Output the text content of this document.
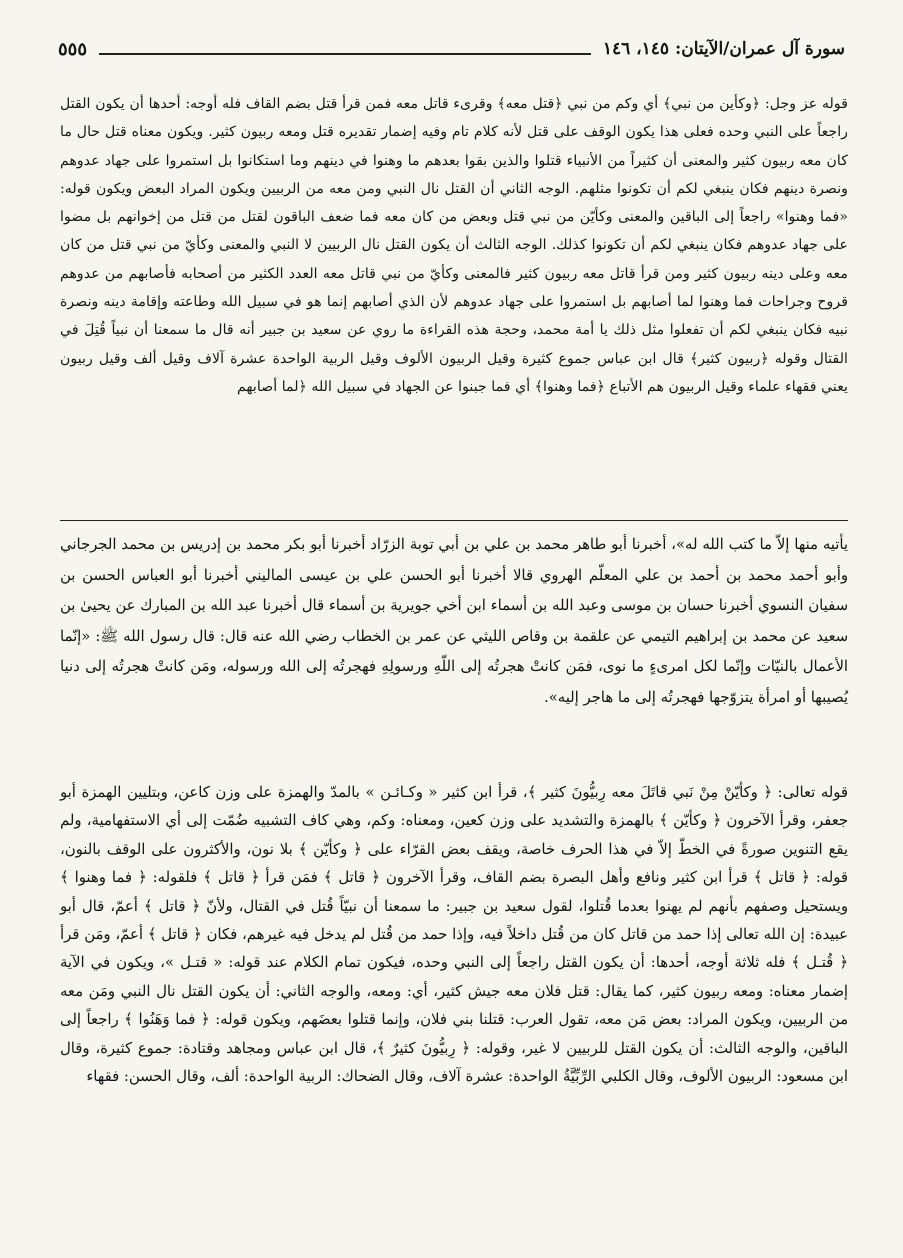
سورة آل عمران/الآيتان: ١٤٥، ١٤٦
٥٥٥

قوله عز وجل: ﴿وكأين من نبي﴾ أي وكم من نبي ﴿قتل معه﴾ وقرىء قاتل معه فمن قرأ قتل بضم القاف فله أوجه: أحدها أن يكون القتل راجعاً على النبي وحده فعلى هذا يكون الوقف على قتل لأنه كلام تام وفيه إضمار تقديره قتل ومعه ربيون كثير. ويكون معناه قتل حال ما كان معه ربيون كثير والمعنى أن كثيراً من الأنبياء قتلوا والذين بقوا بعدهم ما وهنوا في دينهم وما استكانوا بل استمروا على جهاد عدوهم ونصرة دينهم فكان ينبغي لكم أن تكونوا مثلهم. الوجه الثاني أن القتل نال النبي ومن معه من الربيين ويكون المراد البعض ويكون قوله: «فما وهنوا» راجعاً إلى الباقين والمعنى وكأيّن من نبي قتل وبعض من كان معه فما ضعف الباقون لقتل من قتل من إخوانهم بل مضوا على جهاد عدوهم فكان ينبغي لكم أن تكونوا كذلك. الوجه الثالث أن يكون القتل نال الربيين لا النبي والمعنى وكأيّ من نبي قتل من كان معه وعلى دينه ربيون كثير ومن قرأ قاتل معه ربيون كثير فالمعنى وكأيّ من نبي قاتل معه العدد الكثير من أصحابه فأصابهم من عدوهم قروح وجراحات فما وهنوا لما أصابهم بل استمروا على جهاد عدوهم لأن الذي أصابهم إنما هو في سبيل الله وطاعته وإقامة دينه ونصرة نبيه فكان ينبغي لكم أن تفعلوا مثل ذلك يا أمة محمد، وحجة هذه القراءة ما روي عن سعيد بن جبير أنه قال ما سمعنا أن نبياً قُتِلَ في القتال وقوله ﴿ربيون كثير﴾ قال ابن عباس جموع كثيرة وقيل الربيون الألوف وقيل الربية الواحدة عشرة آلاف وقيل ألف وقيل ربيون يعني فقهاء علماء وقيل الربيون هم الأتباع ﴿فما وهنوا﴾ أي فما جبنوا عن الجهاد في سبيل الله ﴿لما أصابهم

يأتيه منها إلاّ ما كتب الله له»، أخبرنا أبو طاهر محمد بن علي بن أبي توبة الزرّاد أخبرنا أبو بكر محمد بن إدريس بن محمد الجرجاني وأبو أحمد محمد بن أحمد بن علي المعلّم الهروي قالا أخبرنا أبو الحسن علي بن عيسى الماليني أخبرنا أبو العباس الحسن بن سفيان النسوي أخبرنا حسان بن موسى وعبد الله بن أسماء ابن أخي جويرية بن أسماء قال أخبرنا عبد الله بن المبارك عن يحيىٰ بن سعيد عن محمد بن إبراهيم التيمي عن علقمة بن وقاص الليثي عن عمر بن الخطاب رضي الله عنه قال: قال رسول الله ﷺ: «إنّما الأعمال بالنيّات وإنّما لكل امرىءٍ ما نوى، فمَن كانتْ هجرتُه إلى اللّهِ ورسولِهِ فهجرتُه إلى الله ورسوله، ومَن كانتْ هجرتُه إلى دنيا يُصيبها أو امرأة يتزوّجها فهجرتُه إلى ما هاجر إليه».

قوله تعالى: ﴿ وكأيّنْ مِنْ نَبي قاتَلَ معه رِبيُّونَ كثير ﴾، قرأ ابن كثير « وكـائـن » بالمدّ والهمزة على وزن كاعن، وبتليين الهمزة أبو جعفر، وقرأ الآخرون ﴿ وكأيّن ﴾ بالهمزة والتشديد على وزن كعين، ومعناه: وكم، وهي كاف التشبيه ضُمّت إلى أي الاستفهامية، ولم يقع التنوين صورةً في الخطّ إلاّ في هذا الحرف خاصة، ويقف بعض القرّاء على ﴿ وكأيّن ﴾ بلا نون، والأكثرون على الوقف بالنون، قوله: ﴿ قاتل ﴾ قرأ ابن كثير ونافع وأهل البصرة بضم القاف، وقرأ الآخرون ﴿ قاتل ﴾ فمَن قرأ ﴿ قاتل ﴾ فلقوله: ﴿ فما وهنوا ﴾ ويستحيل وصفهم بأنهم لم يهنوا بعدما قُتلوا، لقول سعيد بن جبير: ما سمعنا أن نبيّاً قُتل في القتال، ولأنّ ﴿ قاتل ﴾ أعمّ، قال أبو عبيدة: إن الله تعالى إذا حمد من قاتل كان من قُتل داخلاً فيه، وإذا حمد من قُتل لم يدخل فيه غيرهم، فكان ﴿ قاتل ﴾ أعمّ، ومَن قرأ ﴿ قُتـل ﴾ فله ثلاثة أوجه، أحدها: أن يكون القتل راجعاً إلى النبي وحده، فيكون تمام الكلام عند قوله: « قتـل »، ويكون في الآية إضمار معناه: ومعه ربيون كثير، كما يقال: قتل فلان معه جيش كثير، أي: ومعه، والوجه الثاني: أن يكون القتل نال النبي ومَن معه من الربيين، ويكون المراد: بعض مَن معه، تقول العرب: قتلنا بني فلان، وإنما قتلوا بعضَهم، ويكون قوله: ﴿ فما وَهَنُوا ﴾ راجعاً إلى الباقين، والوجه الثالث: أن يكون القتل للربيين لا غير، وقوله: ﴿ رِبيُّونَ كثيرٌ ﴾، قال ابن عباس ومجاهد وقتادة: جموع كثيرة، وقال ابن مسعود: الربيون الألوف، وقال الكلبي الرِّبِّيَّةُ الواحدة: عشرة آلاف، وقال الضحاك: الربية الواحدة: ألف، وقال الحسن: فقهاء
